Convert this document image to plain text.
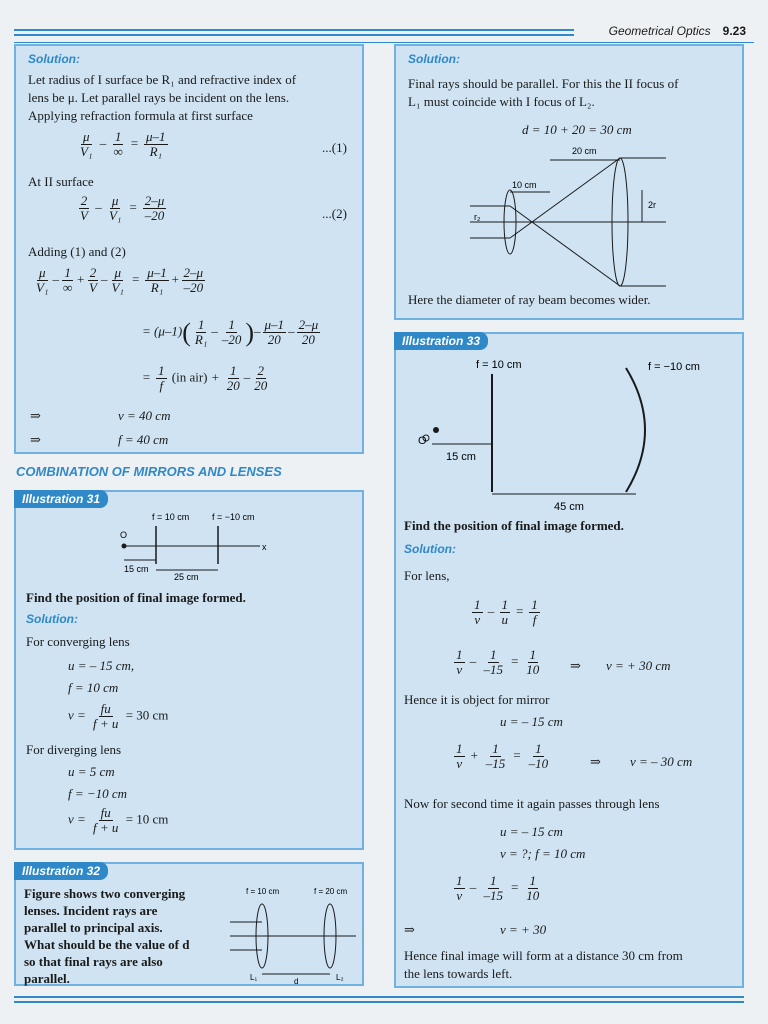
Geometrical Optics 9.23
Solution:
Let radius of I surface be R₁ and refractive index of
lens be μ. Let parallel rays be incident on the lens.
Applying refraction formula at first surface
$\frac{\mu}{\text{V₁}} - 1$
∞
= $\frac{\mu-1}{\text{R₁}}$	...(1)
At II surface
$\frac{2}{V} - \frac{\mu}{\text{V₁}} = \frac{2-\mu}{-20}$	...(2)
Adding (1) and (2)
$\frac{\mu}{\text{V₁}} - 1$
∞
+ $\frac{2}{V} - \frac{\mu}{\text{V₁}} = \frac{\mu-1}{\text{R₁}} + \frac{2-\mu}{-20}$
= $(\mu-1)( \frac{1}{\text{R₁}} - \frac{1}{-20}$ )– $\frac{\mu-1}{20} - \frac{2-\mu}{20}$
= $\frac{1}{f} (in$ $air) + \frac{1}{20} - \frac{2}{20}$
⇒	v = 40 cm
⇒	f = 40 cm
COMBINATION OF MIRRORS AND LENSES
Illustration 31
f = 10 cm	f = −10 cm
O
x
15 cm
25 cm
Find the position of final image formed.
Solution:
For converging lens
u = – 15 cm,
f = 10 cm
$v = \frac{fu}{f + u} = 30$ cm
For diverging lens
u = 5 cm
f = −10 cm
$v = \frac{fu}{f + u} = 10$ cm
Illustration 32
Figure shows two converging
lenses. Incident rays are
parallel to principal axis.
What should be the value of d
so that final rays are also
parallel.
f = 10 cm	f = 20 cm
L₁	L₂
d
Solution:
Final rays should be parallel. For this the II focus of
L₁ must coincide with I focus of L₂.
d = 10 + 20 = 30 cm
20 cm
10 cm
2r
r₂
Here the diameter of ray beam becomes wider.
Illustration 33
f = 10 cm	f = −10 cm
O
15 cm
45 cm
Find the position of final image formed.
Solution:
For lens,
$\frac{1}{v} - \frac{1}{u} = \frac{1}{f}$
$\frac{1}{v} - \frac{1}{-15} = \frac{1}{10}$ ⇒ v = + 30 cm
Hence it is object for mirror
u = – 15 cm
$\frac{1}{v} + \frac{1}{-15} = \frac{1}{-10}$	⇒ v = – 30 cm
Now for second time it again passes through lens
u = – 15 cm
v = ?; f = 10 cm
$\frac{1}{v} - \frac{1}{-15} = \frac{1}{10}$
⇒	v = + 30
Hence final image will form at a distance 30 cm from
the lens towards left.
